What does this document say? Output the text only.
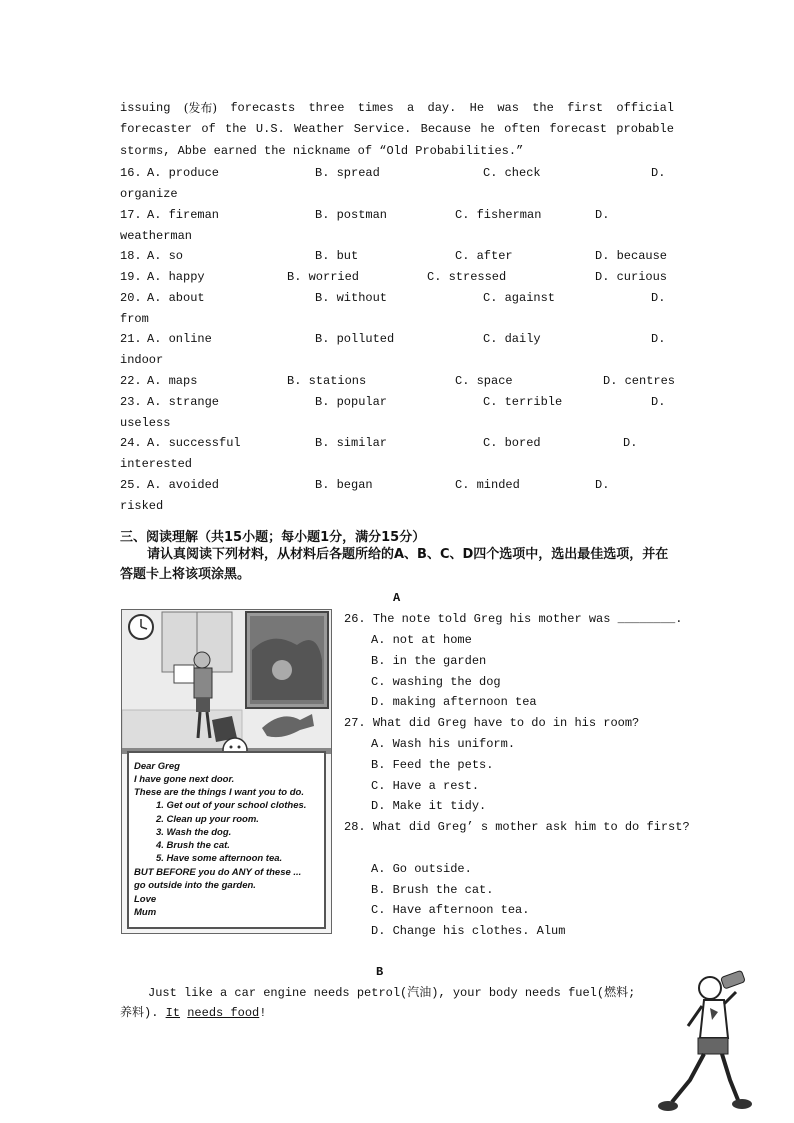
issuing (发布) forecasts three times a day. He was the first official
forecaster of the U.S. Weather Service. Because he often forecast probable
storms, Abbe earned the nickname of “Old Probabilities.”
16. A. produce	B. spread	C. check	D.
organize
17. A. fireman	B. postman	C. fisherman	D.
weatherman
18. A. so	B. but	C. after	D. because
19. A. happy	B. worried	C. stressed	D. curious
20. A. about	B. without	C. against	D.
from
21. A. online	B. polluted	C. daily	D.
indoor
22. A. maps	B. stations	C. space	D. centres
23. A. strange	B. popular	C. terrible	D.
useless
24. A. successful	B. similar	C. bored	D.
interested
25. A. avoided	B. began	C. minded	D.
risked
三、阅读理解（共15小题；每小题1分，满分15分）
请认真阅读下列材料，从材料后各题所给的A、B、C、D四个选项中，选出最佳选项，并在答题卡上将该项涂黑。
A
Dear Greg
I have gone next door.
These are the things I want you to do.
1. Get out of your school clothes.
2. Clean up your room.
3. Wash the dog.
4. Brush the cat.
5. Have some afternoon tea.
BUT BEFORE you do ANY of these ...
go outside into the garden.
Love
Mum
26. The note told Greg his mother was ________.
A. not at home
B. in the garden
C. washing the dog
D. making afternoon tea
27. What did Greg have to do in his room?
A. Wash his uniform.
B. Feed the pets.
C. Have a rest.
D. Make it tidy.
28. What did Greg’ s mother ask him to do first?
A. Go outside.
B. Brush the cat.
C. Have afternoon tea.
D. Change his clothes. Alum
B
Just like a car engine needs petrol(汽油), your body needs fuel(燃料;
养料). It needs food!
